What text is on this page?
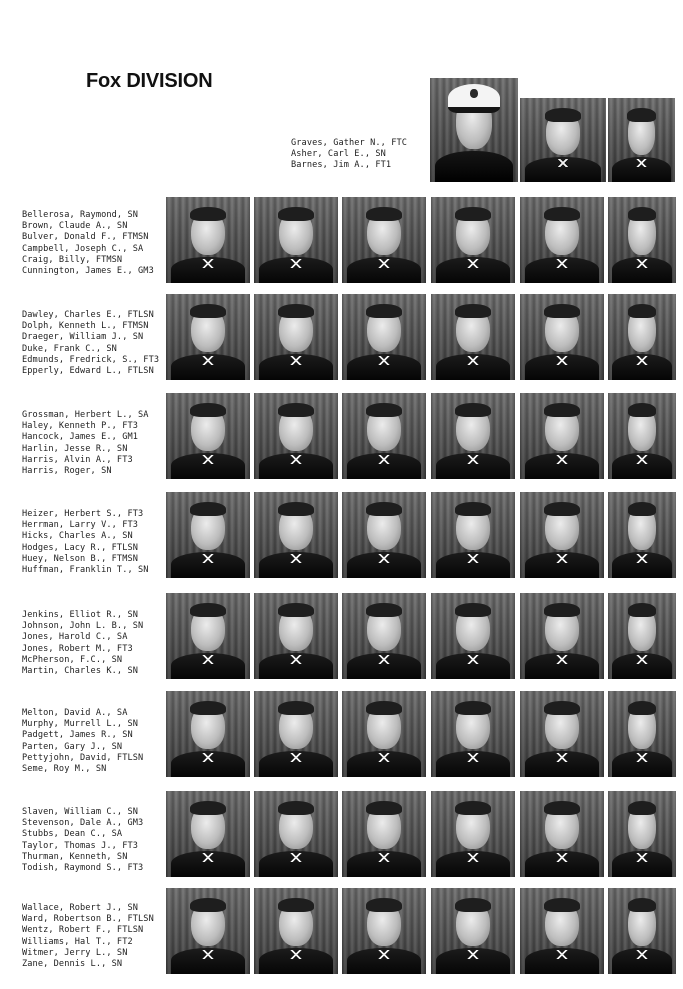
Fox DIVISION
Graves, Gather N., FTC
Asher, Carl E., SN
Barnes, Jim A., FT1
Bellerosa, Raymond, SN
Brown, Claude A., SN
Bulver, Donald F., FTMSN
Campbell, Joseph C., SA
Craig, Billy, FTMSN
Cunnington, James E., GM3
Dawley, Charles E., FTLSN
Dolph, Kenneth L., FTMSN
Draeger, William J., SN
Duke, Frank C., SN
Edmunds, Fredrick, S., FT3
Epperly, Edward L., FTLSN
Grossman, Herbert L., SA
Haley, Kenneth P., FT3
Hancock, James E., GM1
Harlin, Jesse R., SN
Harris, Alvin A., FT3
Harris, Roger, SN
Heizer, Herbert S., FT3
Herrman, Larry V., FT3
Hicks, Charles A., SN
Hodges, Lacy R., FTLSN
Huey, Nelson B., FTMSN
Huffman, Franklin T., SN
Jenkins, Elliot R., SN
Johnson, John L. B., SN
Jones, Harold C., SA
Jones, Robert M., FT3
McPherson, F.C., SN
Martin, Charles K., SN
Melton, David A., SA
Murphy, Murrell L., SN
Padgett, James R., SN
Parten, Gary J., SN
Pettyjohn, David, FTLSN
Seme, Roy M., SN
Slaven, William C., SN
Stevenson, Dale A., GM3
Stubbs, Dean C., SA
Taylor, Thomas J., FT3
Thurman, Kenneth, SN
Todish, Raymond S., FT3
Wallace, Robert J., SN
Ward, Robertson B., FTLSN
Wentz, Robert F., FTLSN
Williams, Hal T., FT2
Witmer, Jerry L., SN
Zane, Dennis L., SN
